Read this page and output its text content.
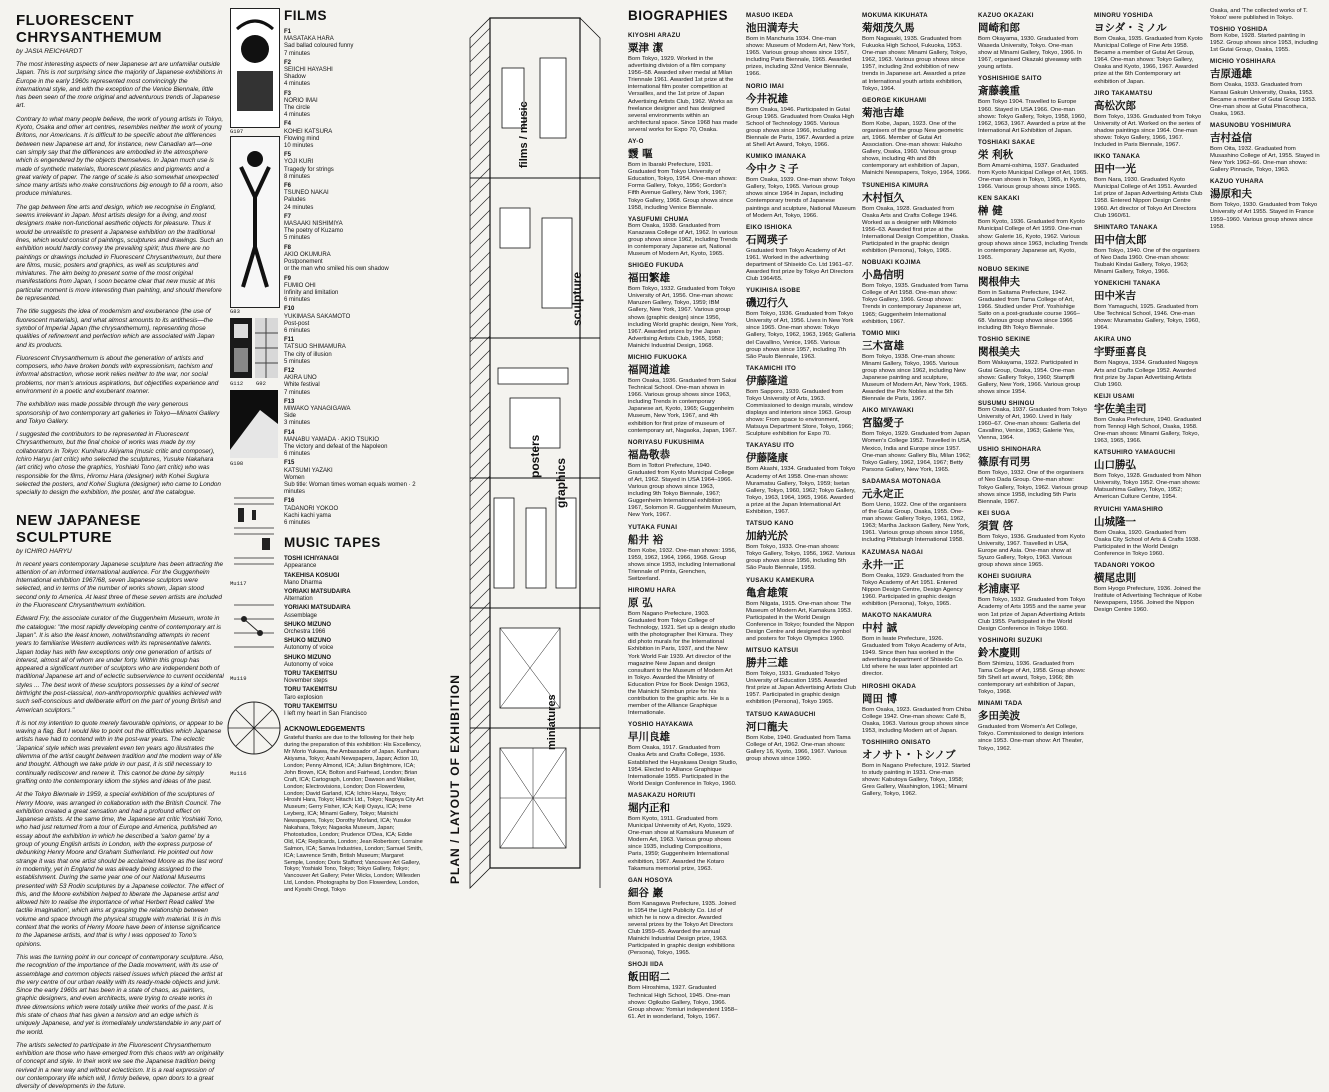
FLUORESCENT CHRYSANTHEMUM
by JASIA REICHARDT

The most interesting aspects of new Japanese art are unfamiliar outside Japan. This is not surprising since the majority of Japanese exhibitions in Europe in the early 1960s represented most convincingly the international style, and with the exception of the Venice Biennale, little has been seen of the more original and adventurous trends of Japanese art.

Contrary to what many people believe, the work of young artists in Tokyo, Kyoto, Osaka and other art centres, resembles neither the work of young Britons, nor Americans. It is difficult to be specific about the differences between new Japanese art and, for instance, new Canadian art—one can simply say that the differences are embodied in the atmosphere which is engendered by the objects themselves. In Japan much use is made of synthetic materials, fluorescent plastics and pigments and a great variety of paper. The range of scale is also somewhat unexpected since many artists who make constructions big enough to fill a room, also produce miniatures.

The gap between fine arts and design, which we recognise in England, seems irrelevant in Japan. Most artists design for a living, and most designers make non-functional aesthetic objects for pleasure. Thus it would be unrealistic to present a Japanese exhibition on the traditional lines, which would consist of paintings, sculptures and drawings. Such an exhibition would hardly convey the prevailing spirit; thus there are no paintings or drawings included in Fluorescent Chrysanthemum, but there are films, music, posters and graphics, as well as sculptures and miniatures. The aim being to present some of the most original manifestations from Japan, I soon became clear that new music at this particular moment is more interesting than painting, and should therefore be represented.

The title suggests the idea of modernism and exuberance (the use of fluorescent materials), and what almost amounts to its antithesis—the symbol of Imperial Japan (the chrysanthemum), representing those qualities of refinement and perfection which are associated with Japan and its products.

Fluorescent Chrysanthemum is about the generation of artists and composers, who have broken bonds with expressionism, tachism and informal abstraction, whose work relies neither to the war, nor social problems, nor man's anxious aspirations, but objectifies experience and environment in a poetic and exuberant manner.

The exhibition was made possible through the very generous sponsorship of two contemporary art galleries in Tokyo—Minami Gallery and Tokyo Gallery.

I suggested the contributors to be represented in Fluorescent Chrysanthemum, but the final choice of works was made by my collaborators in Tokyo: Kuniharu Akiyama (music critic and composer), Ichiro Haryu (art critic) who selected the sculptures, Yusuke Nakahara (art critic) who chose the graphics, Yoshiaki Tono (art critic) who was responsible for the films, Hiromu Hara (designer) with Kohei Sugiura selected the posters, and Kohei Sugiura (designer) who came to London specially to design the exhibition, the poster, and the catalogue.

NEW JAPANESE SCULPTURE
by ICHIRO HARYU

In recent years contemporary Japanese sculpture has been attracting the attention of an informed international audience. For the Guggenheim International exhibition 1967/68, seven Japanese sculptors were selected, and in terms of the number of works shown, Japan stood second only to America. At least three of these seven artists are included in the Fluorescent Chrysanthemum exhibition.

Edward Fry, the associate curator of the Guggenheim Museum, wrote in the catalogue: "the most rapidly developing centre of contemporary art is Japan". It is also the least known, notwithstanding attempts in recent years to familiarise Western audiences with its representative talents. Japan today has with few exceptions only one generation of artists of interest, almost all of whom are under forty. Within this group has appeared a significant number of sculptors who are independent both of traditional Japanese art and of eclectic subservience to current occidental styles ... The best work of these sculptors possesses by a kind of secret birthright the post-classical, non-anthropomorphic qualities achieved with such self-conscious and deliberate effort on the part of young British and American sculptors."

It is not my intention to quote merely favourable opinions, or appear to be waving a flag. But I would like to point out the difficulties which Japanese artists have had to contend with in the post-war years. The eclectic 'Japanica' style which was prevalent even ten years ago illustrates the dilemma of the artist caught between tradition and the modern way of life and thought. Although we take pride in our past, it is still necessary to continually rediscover and renew it. This cannot be done by simply grafting onto the contemporary idiom the styles and ideas of the past.

At the Tokyo Biennale in 1959, a special exhibition of the sculptures of Henry Moore, was arranged in collaboration with the British Council. The exhibition created a great sensation and had a profound effect on Japanese artists. At the same time, the Japanese art critic Yoshiaki Tono, who had just returned from a tour of Europe and America, published an essay about the exhibition in which he described a 'salon game' by a group of young English artists in London, with the express purpose of debunking Henry Moore and Graham Sutherland. He pointed out how strange it was that one artist should be acclaimed Moore as the last word in modernity, yet in England he was already being assigned to the establishment. During the same year one of our National Museums presented with 53 Rodin sculptures by a Japanese collector. The effect of this, and the Moore exhibition helped to liberate the Japanese artist and allowed him to realise the importance of what Herbert Read called 'the tactile imagination', which aims at grasping the relationship between volume and space through the physical struggle with material. It is in this context that the works of Henry Moore have been of intense significance to the Japanese artists, and that is why I was opposed to Tono's opinions.

This was the turning point in our concept of contemporary sculpture. Also, the recognition of the importance of the Dada movement, with its use of assemblage and common objects raised issues which placed the artist at the very centre of our urban reality with its ready-made objects and junk. Since the early 1960s art has been in a state of chaos, as painters, graphic designers, and even architects, were trying to create works in three dimensions which were totally unlike their works of the past. It is this state of chaos that has given a tension and an edge which is uniquely Japanese, and yet is immediately understandable in any part of the world.

The artists selected to participate in the Fluorescent Chrysanthemum exhibition are those who have emerged from this chaos with an originality of concept and style. In their work we see the Japanese tradition being revived in a new way and without eclecticism. It is a real expression of our contemporary life which will, I firmly believe, open doors to a great diversity of developments in the future.

G107
G83
G112 G92
G108
Mu117
Mu119
Mu116
FILMS
F1
MASATAKA HARA
Sad ballad coloured funny
7 minutes
F2
SEIICHI HAYASHI
Shadow
4 minutes
F3
NORIO IMAI
The circle
4 minutes
F4
KOHEI KATSURA
Flowing mind
10 minutes
F5
YOJI KURI
Tragedy for strings
8 minutes
F6
TSUNEO NAKAI
Paludes
24 minutes
F7
MASAAKI NISHIMIYA
The poetry of Kuzamo
5 minutes
F8
AKIO OKUMURA
Postponement
or the man who smiled his own shadow
F9
FUMIO OHI
Infinity and limitation
6 minutes
F10
YUKIMASA SAKAMOTO
Post-post
6 minutes
F11
TATSUO SHIMAMURA
The city of illusion
5 minutes
F12
AKIRA UNO
White festival
7 minutes
F13
MIWAKO YANAGIGAWA
Side
3 minutes
F14
MANABU YAMADA · AKIO TSUKIO
The victory and defeat of the Napoleon
6 minutes
F15
KATSUMI YAZAKI
Women
Sub title: Woman times woman equals women · 2 minutes
F16
TADANORI YOKOO
Kachi kachi yama
6 minutes
MUSIC TAPES
TOSHI ICHIYANAGI
Appearance
TAKEHISA KOSUGI
Mano Dharma
YORIAKI MATSUDAIRA
Alternation
YORIAKI MATSUDAIRA
Assemblage
SHUKO MIZUNO
Orchestra 1966
SHUKO MIZUNO
Autonomy of voice
SHUKO MIZUNO
Autonomy of voice
TORU TAKEMITSU
November steps
TORU TAKEMITSU
Taro explosion
TORU TAKEMITSU
I left my heart in San Francisco
ACKNOWLEDGEMENTS

Grateful thanks are due to the following for their help during the preparation of this exhibition: His Excellency, Mr Morio Yukawa, the Ambassador of Japan. Kuniharu Akiyama, Tokyo; Asahi Newspapers, Japan; Action 10, London; Penny Almond, ICA; Julian Brightmore, ICA; John Brown, ICA; Bolton and Fairhead, London; Brian Craft, ICA; Cartograph, London; Dawson and Walker, London; Electrovisions, London; Don Flowerdew, London; David Garland, ICA; Ichiro Haryu, Tokyo; Hiroshi Hara, Tokyo; Hitachi Ltd., Tokyo; Nagoya City Art Museum; Gerry Fisher, ICA; Keiji Oyayu, ICA; Irene Leyberg, ICA; Minami Gallery, Tokyo; Mainichi Newspapers, Tokyo; Dorothy Morland, ICA; Yusuke Nakahara, Tokyo; Nagaoka Museum, Japan; Photostudios, London; Prudence O'Dea, ICA; Eddie Old, ICA; Replicards, London; Jean Robertson; Lorraine Salmon, ICA; Sanwa Industries, London; Samuel Smith, ICA; Lawrence Smith, British Museum; Margaret Semple, London; Doris Stafford; Vancouver Art Gallery, Tokyo; Yoshiaki Tono, Tokyo; Tokyo Gallery, Tokyo; Vancouver Art Gallery; Peter Wicks, London; Willesden Ltd, London. Photographs by Don Flowerdew, London, and Kyoshi Onogi, Tokyo

films / music
sculpture
posters
graphics
miniatures
PLAN / LAYOUT OF EXHIBITION
BIOGRAPHIES
KIYOSHI ARAZU
粟津 潔

Born Tokyo, 1929. Worked in the advertising division of a film company 1956–58. Awarded silver medal at Milan Triennale 1961. Awarded 1st prize at the international film poster competition at Versailles, and the 1st prize of Japan Advertising Artists Club, 1962. Works as freelance designer and has designed several environments within an architectural space. Since 1968 has made several works for Expo 70, Osaka.

AY-O
靉 嘔

Born in Ibaraki Prefecture, 1931. Graduated from Tokyo University of Education, Tokyo, 1954. One-man shows: Forms Gallery, Tokyo, 1956; Gordon's Fifth Avenue Gallery, New York, 1967; Tokyo Gallery, 1968. Group shows since 1958, including Venice Biennale.

YASUFUMI CHUMA

Born Osaka, 1938. Graduated from Kanazawa College of Art, 1962. In various group shows since 1962, including Trends in contemporary Japanese art, National Museum of Modern Art, Kyoto, 1965.

SHIGEO FUKUDA
福田繁雄

Born Tokyo, 1932. Graduated from Tokyo University of Art, 1956. One-man shows: Maruzen Gallery, Tokyo, 1959; IBM Gallery, New York, 1967. Various group shows (graphic design) since 1956, including World graphic design, New York, 1967. Awarded prizes by the Japan Advertising Artists Club, 1965, 1958; Mainichi Industrial Design, 1968.

MICHIO FUKUOKA
福岡道雄

Born Osaka, 1936. Graduated from Sakai Technical School. One-man shows in 1966. Various group shows since 1963, including Trends in contemporary Japanese art, Kyoto, 1965; Guggenheim Museum, New York, 1967, and 4th exhibition for first prize of museum of contemporary art, Nagaoka, Japan, 1967.

NORIYASU FUKUSHIMA
福島敬恭

Born in Tottori Prefecture, 1940. Graduated from Kyoto Municipal College of Art, 1962. Stayed in USA 1964–1966. Various group shows since 1963, including 9th Tokyo Biennale, 1967; Guggenheim International exhibition 1967, Solomon R. Guggenheim Museum, New York, 1967.

YUTAKA FUNAI
船井 裕

Born Kobe, 1932. One-man shows: 1956, 1959, 1962, 1964, 1966, 1968. Group shows since 1953, including International Triennale of Prints, Grenchen, Switzerland.

HIROMU HARA
原 弘

Born Nagano Prefecture, 1903. Graduated from Tokyo College of Technology, 1921. Set up a design studio with the photographer Ihei Kimura. They did photo murals for the International Exhibition in Paris, 1937, and the New York World Fair 1939. Art director of the magazine New Japan and design consultant to the Museum of Modern Art in Tokyo. Awarded the Ministry of Education Prize for Book Design 1963, the Mainichi Shimbun prize for his contribution to the graphic arts. He is a member of the Alliance Graphique Internationale.

YOSHIO HAYAKAWA
早川良雄

Born Osaka, 1917. Graduated from Osaka Arts and Crafts College, 1936. Established the Hayakawa Design Studio, 1954. Elected to Alliance Graphique Internationale 1955. Participated in the World Design Conference in Tokyo, 1960.

MASAKAZU HORIUTI
堀内正和

Born Kyoto, 1911. Graduated from Municipal University of Art, Kyoto, 1929. One-man show at Kamakura Museum of Modern Art, 1963. Various group shows since 1935, including Compositions, Paris, 1959; Guggenheim International exhibition, 1967. Awarded the Kotaro Takamura memorial prize, 1963.

GAN HOSOYA
細谷 巖

Born Kanagawa Prefecture, 1935. Joined in 1954 the Light Publicity Co. Ltd of which he is now a director. Awarded several prizes by the Tokyo Art Directors Club 1959–65. Awarded the annual Mainichi Industrial Design prize, 1963. Participated in graphic design exhibitions (Persona), Tokyo, 1965.

SHOJI IIDA
飯田昭二

Born Hiroshima, 1927. Graduated Technical High School, 1945. One-man shows: Ogikubo Gallery, Tokyo, 1966. Group shows: Yomiuri independent 1958–61. Art in wonderland, Tokyo, 1967.

MASUO IKEDA
池田満寿夫

Born in Manchuria 1934. One-man shows: Museum of Modern Art, New York, 1965. Various group shows since 1957, including Paris Biennale, 1965. Awarded prizes, including 32nd Venice Biennale, 1966.

NORIO IMAI
今井祝雄

Born Osaka, 1946. Participated in Gutai Group 1965. Graduated from Osaka High School of Technology 1965. Various group shows since 1966, including Biennale de Paris, 1967. Awarded a prize at Shell Art Award, Tokyo, 1966.

KUMIKO IMANAKA
今中クミ子

Born Osaka, 1939. One-man show: Tokyo Gallery, Tokyo, 1965. Various group shows since 1964 in Japan, including Contemporary trends of Japanese paintings and sculpture, National Museum of Modern Art, Tokyo, 1966.

EIKO ISHIOKA
石岡瑛子

Graduated from Tokyo Academy of Art 1961. Worked in the advertising department of Shiseido Co. Ltd 1961–67. Awarded first prize by Tokyo Art Directors Club 1964/65.

YUKIHISA ISOBE
磯辺行久

Born Tokyo, 1936. Graduated from Tokyo University of Art, 1956. Lives in New York since 1965. One-man shows: Tokyo Gallery, Tokyo, 1962, 1963, 1965; Galleria del Cavallino, Venice, 1965. Various group shows since 1957, including 7th São Paulo Biennale, 1963.

TAKAMICHI ITO
伊藤隆道

Born Sapporo, 1939. Graduated from Tokyo University of Arts, 1963. Commissioned to design murals, window displays and interiors since 1963. Group shows: From space to environment, Matsuya Department Store, Tokyo, 1966; Sculpture exhibition for Expo 70.

TAKAYASU ITO
伊藤隆康

Born Akashi, 1934. Graduated from Tokyo Academy of Art 1958. One-man shows: Muramatsu Gallery, Tokyo, 1959; Isetan Gallery, Tokyo, 1960, 1962; Tokyo Gallery, Tokyo, 1963, 1964, 1965, 1966. Awarded a prize at the Japan International Art Exhibition, 1967.

TATSUO KANO
加納光於

Born Tokyo, 1933. One-man shows: Tokyo Gallery, Tokyo, 1956, 1962. Various group shows since 1956, including 5th São Paulo Biennale, 1959.

YUSAKU KAMEKURA
亀倉雄策

Born Niigata, 1915. One-man show: The Museum of Modern Art, Kamakura 1953. Participated in the World Design Conference in Tokyo; founded the Nippon Design Centre and designed the symbol and posters for Tokyo Olympics 1960.

MITSUO KATSUI
勝井三雄

Born Tokyo, 1931. Graduated Tokyo University of Education 1955. Awarded first prize at Japan Advertising Artists Club 1957. Participated in graphic design exhibition (Persona), Tokyo 1965.

TATSUO KAWAGUCHI
河口龍夫

Born Kobe, 1940. Graduated from Tama College of Art, 1962. One-man shows: Gallery 16, Kyoto, 1966, 1967. Various group shows since 1960.

MOKUMA KIKUHATA
菊畑茂久馬

Born Nagasaki, 1935. Graduated from Fukuoka High School, Fukuoka, 1953. One-man shows: Minami Gallery, Tokyo, 1962, 1963. Various group shows since 1957, including 2nd exhibition of new trends in Japanese art. Awarded a prize at International youth artists exhibition, Tokyo, 1964.

GEORGE KIKUHAMI
菊池吉雄

Born Kobe, Japan, 1923. One of the organisers of the group New geometric art, 1966. Member of Gutai Art Association. One-man shows: Hakuho Gallery, Osaka, 1960. Various group shows, including 4th and 8th contemporary art exhibition of Japan, Mainichi Newspapers, Tokyo, 1964, 1966.

TSUNEHISA KIMURA
木村恒久

Born Osaka, 1928. Graduated from Osaka Arts and Crafts College 1946. Worked as a designer with Mikimoto 1956–63. Awarded first prize at the International Design Competition, Osaka. Participated in the graphic design exhibition (Persona), Tokyo, 1965.

NOBUAKI KOJIMA
小島信明

Born Tokyo, 1935. Graduated from Tama College of Art 1958. One-man show: Tokyo Gallery, 1966. Group shows: Trends in contemporary Japanese art, 1965; Guggenheim International exhibition, 1967.

TOMIO MIKI
三木富雄

Born Tokyo, 1938. One-man shows: Minami Gallery, Tokyo, 1965. Various group shows since 1962, including New Japanese painting and sculpture, Museum of Modern Art, New York, 1965. Awarded the Prix Nobles at the 5th Biennale de Paris, 1967.

AIKO MIYAWAKI
宮脇愛子

Born Tokyo, 1929. Graduated from Japan Women's College 1952. Travelled in USA, Mexico, India and Europe since 1957. One-man shows: Gallery Blu, Milan 1962; Tokyo Gallery, 1962, 1964, 1967; Betty Parsons Gallery, New York, 1965.

SADAMASA MOTONAGA
元永定正

Born Ueno, 1922. One of the organisers of the Gutai Group, Osaka, 1955. One-man shows: Gallery Tokyo, 1961, 1962, 1963; Martha Jackson Gallery, New York, 1961. Various group shows since 1956, including Pittsburgh International 1958.

KAZUMASA NAGAI
永井一正

Born Osaka, 1929. Graduated from the Tokyo Academy of Art 1951. Entered Nippon Design Centre, Design Agency 1960. Participated in graphic design exhibition (Persona), Tokyo, 1965.

MAKOTO NAKAMURA
中村 誠

Born in Iwate Prefecture, 1926. Graduated from Tokyo Academy of Arts, 1949. Since then has worked in the advertising department of Shiseido Co. Ltd where he was later appointed art director.

HIROSHI OKADA
岡田 博

Born Osaka, 1923. Graduated from Chiba College 1942. One-man shows: Café B, Osaka, 1963. Various group shows since 1953, including Modern art of Japan.

TOSHIHIRO ONISATO
オノサト・トシノブ

Born in Nagano Prefecture, 1912. Started to study painting in 1931. One-man shows: Kabutoya Gallery, Tokyo, 1958; Gres Gallery, Washington, 1961; Minami Gallery, Tokyo, 1962.

KAZUO OKAZAKI
岡崎和郎

Born Okayama, 1930. Graduated from Waseda University, Tokyo. One-man show at Minami Gallery, Tokyo, 1966. In 1967, organised Okazaki giveaway with young artists.

YOSHISHIGE SAITO
斎藤義重

Born Tokyo 1904. Travelled to Europe 1960. Stayed in USA 1966. One-man shows: Tokyo Gallery, Tokyo, 1958, 1960, 1962, 1963, 1967. Awarded a prize at the International Art Exhibition of Japan.

TOSHIAKI SAKAE
栄 利秋

Born Amami-oshima, 1937. Graduated from Kyoto Municipal College of Art, 1965. One-man shows in Tokyo, 1965, in Kyoto, 1966. Various group shows since 1965.

KEN SAKAKI
榊 健

Born Kyoto, 1936. Graduated from Kyoto Municipal College of Art 1959. One-man show: Galerie 16, Kyoto, 1962. Various group shows since 1963, including Trends in contemporary Japanese art, Kyoto, 1965.

NOBUO SEKINE
関根伸夫

Born in Saitama Prefecture, 1942. Graduated from Tama College of Art, 1966. Studied under Prof. Yoshishige Saito on a post-graduate course 1966–68. Various group shows since 1966 including 8th Tokyo Biennale.

TOSHIO SEKINE
関根美夫

Born Wakayama, 1922. Participated in Gutai Group, Osaka, 1954. One-man shows: Gallery Tokyo, 1960; Stampfli Gallery, New York, 1966. Various group shows since 1954.

SUSUMU SHINGU

Born Osaka, 1937. Graduated from Tokyo University of Art, 1960. Lived in Italy 1960–67. One-man shows: Galleria del Cavallino, Venice, 1963; Galerie Yes, Vienna, 1964.

USHIO SHINOHARA
篠原有司男

Born Tokyo, 1932. One of the organisers of Neo Dada Group. One-man show: Tokyo Gallery, Tokyo, 1962. Various group shows since 1958, including 5th Paris Biennale, 1967.

KEI SUGA
須賀 啓

Born Tokyo, 1936. Graduated from Kyoto University, 1967. Travelled in USA, Europe and Asia. One-man show at Syuzo Gallery, Tokyo, 1963. Various group shows since 1965.

KOHEI SUGIURA
杉浦康平

Born Tokyo, 1932. Graduated from Tokyo Academy of Arts 1955 and the same year won 1st prize of Japan Advertising Artists Club 1955. Participated in the World Design Conference in Tokyo 1960.

YOSHINORI SUZUKI
鈴木慶則

Born Shimizu, 1936. Graduated from Tama College of Art, 1958. Group shows: 5th Shell art award, Tokyo, 1966; 8th contemporary art exhibition of Japan, Tokyo, 1968.

MINAMI TADA
多田美波

Graduated from Women's Art College, Tokyo. Commissioned to design interiors since 1953. One-man show: Art Theater, Tokyo, 1962.

MINORU YOSHIDA
ヨシダ・ミノル

Born Osaka, 1935. Graduated from Kyoto Municipal College of Fine Arts 1958. Became a member of Gutai Art Group, 1964. One-man shows: Tokyo Gallery, Osaka and Kyoto, 1966, 1967. Awarded prize at the 6th Contemporary art exhibition of Japan.

JIRO TAKAMATSU
高松次郎

Born Tokyo, 1936. Graduated from Tokyo University of Art. Worked on the series of shadow paintings since 1964. One-man shows: Tokyo Gallery, 1966, 1967. Included in Paris Biennale, 1967.

IKKO TANAKA
田中一光

Born Nara, 1930. Graduated Kyoto Municipal College of Art 1951. Awarded 1st prize of Japan Advertising Artists Club 1958. Entered Nippon Design Centre 1960. Art director of Tokyo Art Directors Club 1960/61.

SHINTARO TANAKA
田中信太郎

Born Tokyo, 1940. One of the organisers of Neo Dada 1960. One-man shows: Tsubaki Kindai Gallery, Tokyo, 1963; Minami Gallery, Tokyo, 1966.

YONEKICHI TANAKA
田中米吉

Born Yamaguchi, 1925. Graduated from Ube Technical School, 1946. One-man shows: Muramatsu Gallery, Tokyo, 1960, 1964.

AKIRA UNO
宇野亜喜良

Born Nagoya, 1934. Graduated Nagoya Arts and Crafts College 1952. Awarded first prize by Japan Advertising Artists Club 1960.

KEIJI USAMI
宇佐美圭司

Born Osaka Prefecture, 1940. Graduated from Tennoji High School, Osaka, 1958. One-man shows: Minami Gallery, Tokyo, 1963, 1965, 1966.

KATSUHIRO YAMAGUCHI
山口勝弘

Born Tokyo, 1928. Graduated from Nihon University, Tokyo 1952. One-man shows: Matsushima Gallery, Tokyo, 1952; American Culture Centre, 1954.

RYUICHI YAMASHIRO
山城隆一

Born Osaka, 1920. Graduated from Osaka City School of Arts & Crafts 1938. Participated in the World Design Conference in Tokyo 1960.

TADANORI YOKOO
横尾忠則

Born Hyogo Prefecture, 1936. Joined the Institute of Advertising Technique of Kobe Newspapers, 1956. Joined the Nippon Design Centre 1960.

Osaka, and 'The collected works of T. Yokoo' were published in Tokyo.

TOSHIO YOSHIDA

Born Kobe, 1928. Started painting in 1952. Group shows since 1953, including 1st Gutai Group, Osaka, 1955.

MICHIO YOSHIHARA
吉原通雄

Born Osaka, 1933. Graduated from Kansai Gakuin University, Osaka, 1953. Became a member of Gutai Group 1953. One-man show at Gutai Pinacotheca, Osaka, 1963.

MASUNOBU YOSHIMURA
吉村益信

Born Oita, 1932. Graduated from Musashino College of Art, 1955. Stayed in New York 1962–66. One-man shows: Gallery Pinnacle, Tokyo, 1963.

KAZUO YUHARA
湯原和夫

Born Tokyo, 1930. Graduated from Tokyo University of Art 1955. Stayed in France 1959–1960. Various group shows since 1958.
